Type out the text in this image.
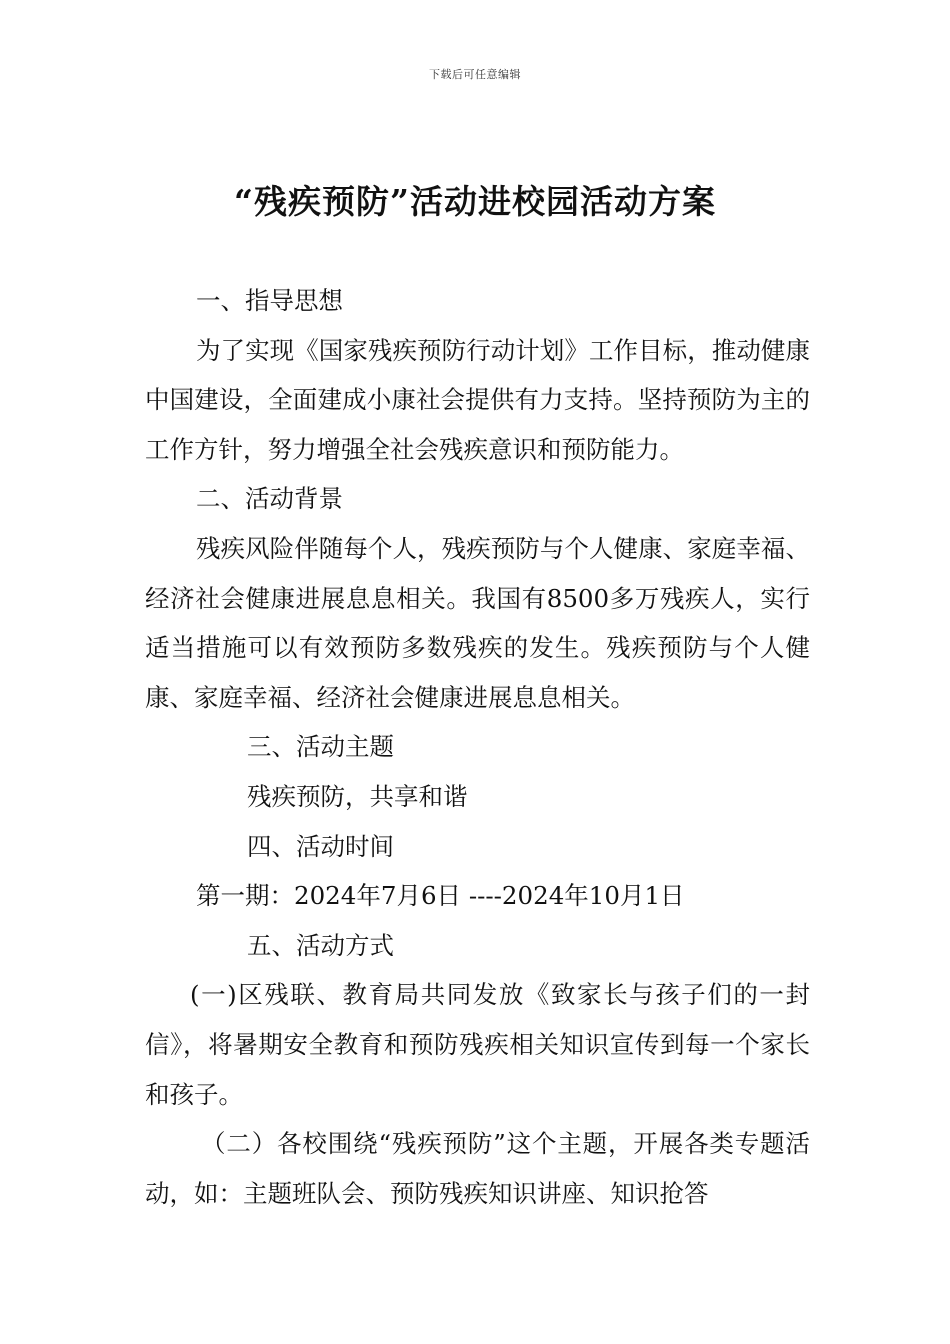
下载后可任意编辑
“残疾预防”活动进校园活动方案

一、指导思想

为了实现《国家残疾预防行动计划》工作目标，推动健康中国建设，全面建成小康社会提供有力支持。坚持预防为主的工作方针，努力增强全社会残疾意识和预防能力。

二、活动背景

残疾风险伴随每个人，残疾预防与个人健康、家庭幸福、经济社会健康进展息息相关。我国有8500多万残疾人，实行适当措施可以有效预防多数残疾的发生。残疾预防与个人健康、家庭幸福、经济社会健康进展息息相关。

三、活动主题

残疾预防，共享和谐

四、活动时间

第一期：2024年7月6日 ----2024年10月1日

五、活动方式

(一)区残联、教育局共同发放《致家长与孩子们的一封信》，将暑期安全教育和预防残疾相关知识宣传到每一个家长和孩子。

（二）各校围绕“残疾预防”这个主题，开展各类专题活动，如：主题班队会、预防残疾知识讲座、知识抢答
